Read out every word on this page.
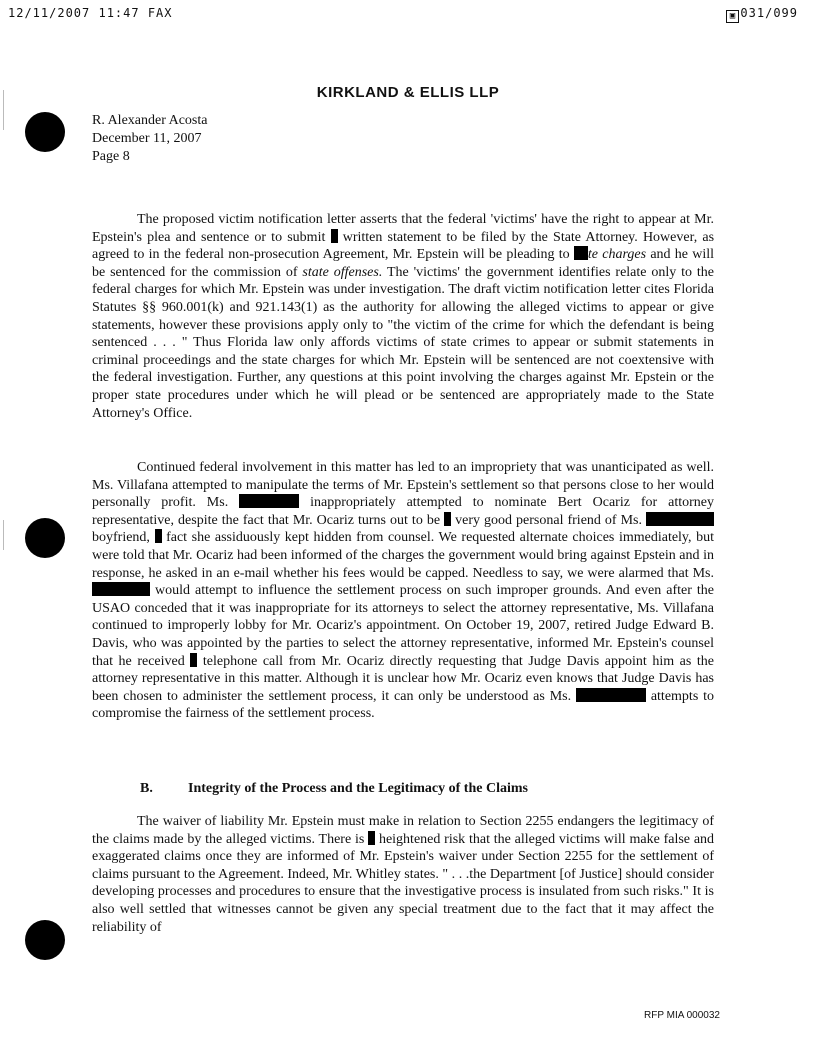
12/11/2007 11:47 FAX	▣ 031/099
KIRKLAND & ELLIS LLP
R. Alexander Acosta
December 11, 2007
Page 8

The proposed victim notification letter asserts that the federal 'victims' have the right to appear at Mr. Epstein's plea and sentence or to submit written statement to be filed by the State Attorney. However, as agreed to in the federal non-prosecution Agreement, Mr. Epstein will be pleading to te charges and he will be sentenced for the commission of state offenses. The 'victims' the government identifies relate only to the federal charges for which Mr. Epstein was under investigation. The draft victim notification letter cites Florida Statutes §§ 960.001(k) and 921.143(1) as the authority for allowing the alleged victims to appear or give statements, however these provisions apply only to "the victim of the crime for which the defendant is being sentenced . . . " Thus Florida law only affords victims of state crimes to appear or submit statements in criminal proceedings and the state charges for which Mr. Epstein will be sentenced are not coextensive with the federal investigation. Further, any questions at this point involving the charges against Mr. Epstein or the proper state procedures under which he will plead or be sentenced are appropriately made to the State Attorney's Office.

Continued federal involvement in this matter has led to an impropriety that was unanticipated as well. Ms. Villafana attempted to manipulate the terms of Mr. Epstein's settlement so that persons close to her would personally profit. Ms.	inappropriately attempted to nominate Bert Ocariz for attorney representative, despite the fact that Mr. Ocariz turns out to be very good personal friend of Ms.  boyfriend, fact she assiduously kept hidden from counsel. We requested alternate choices immediately, but were told that Mr. Ocariz had been informed of the charges the government would bring against Epstein and in response, he asked in an e-mail whether his fees would be capped. Needless to say, we were alarmed that Ms.  would attempt to influence the settlement process on such improper grounds. And even after the USAO conceded that it was inappropriate for its attorneys to select the attorney representative, Ms. Villafana continued to improperly lobby for Mr. Ocariz's appointment. On October 19, 2007, retired Judge Edward B. Davis, who was appointed by the parties to select the attorney representative, informed Mr. Epstein's counsel that he received telephone call from Mr. Ocariz directly requesting that Judge Davis appoint him as the attorney representative in this matter. Although it is unclear how Mr. Ocariz even knows that Judge Davis has been chosen to administer the settlement process, it can only be understood as Ms.	attempts to compromise the fairness of the settlement process.

B.	Integrity of the Process and the Legitimacy of the Claims

The waiver of liability Mr. Epstein must make in relation to Section 2255 endangers the legitimacy of the claims made by the alleged victims. There is heightened risk that the alleged victims will make false and exaggerated claims once they are informed of Mr. Epstein's waiver under Section 2255 for the settlement of claims pursuant to the Agreement. Indeed, Mr. Whitley states. " . . .the Department [of Justice] should consider developing processes and procedures to ensure that the investigative process is insulated from such risks." It is also well settled that witnesses cannot be given any special treatment due to the fact that it may affect the reliability of

RFP MIA 000032
